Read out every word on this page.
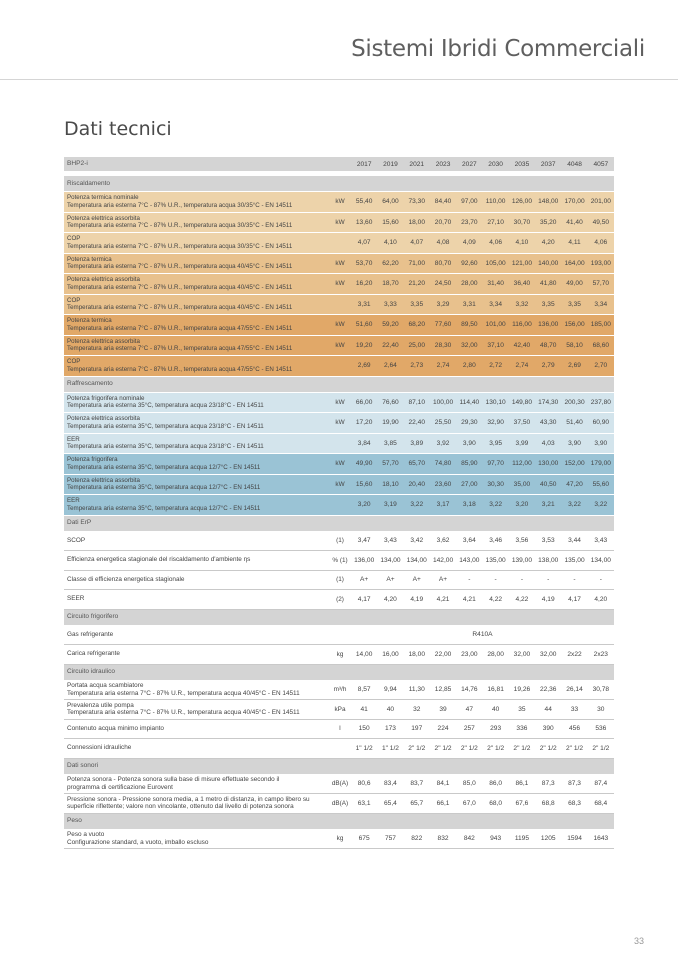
Sistemi Ibridi Commerciali
Dati tecnici
BHP2-i	2017	2019	2021	2023	2027	2030	2035	2037	4048	4057
Riscaldamento
Potenza termica nominale
Temperatura aria esterna 7°C - 87% U.R., temperatura acqua 30/35°C - EN 14511	kW	55,40	64,00	73,30	84,40	97,00	110,00 126,00 148,00 170,00 201,00
Potenza elettrica assorbita
Temperatura aria esterna 7°C - 87% U.R., temperatura acqua 30/35°C - EN 14511	kW	13,60	15,60	18,00	20,70	23,70	27,10	30,70	35,20	41,40	49,50
COP
Temperatura aria esterna 7°C - 87% U.R., temperatura acqua 30/35°C - EN 14511	4,07	4,10	4,07	4,08	4,09	4,06	4,10	4,20	4,11	4,06
Potenza termica
Temperatura aria esterna 7°C - 87% U.R., temperatura acqua 40/45°C - EN 14511	kW	53,70	62,20	71,00	80,70	92,60	105,00 121,00 140,00 164,00 193,00
Potenza elettrica assorbita
Temperatura aria esterna 7°C - 87% U.R., temperatura acqua 40/45°C - EN 14511	kW	16,20	18,70	21,20	24,50	28,00	31,40	36,40	41,80	49,00	57,70
COP
Temperatura aria esterna 7°C - 87% U.R., temperatura acqua 40/45°C - EN 14511	3,31	3,33	3,35	3,29	3,31	3,34	3,32	3,35	3,35	3,34
Potenza termica
Temperatura aria esterna 7°C - 87% U.R., temperatura acqua 47/55°C - EN 14511	kW	51,60	59,20	68,20	77,60	89,50	101,00 116,00 136,00 156,00 185,00
Potenza elettrica assorbita
Temperatura aria esterna 7°C - 87% U.R., temperatura acqua 47/55°C - EN 14511	kW	19,20	22,40	25,00	28,30	32,00	37,10	42,40	48,70	58,10	68,60
COP
Temperatura aria esterna 7°C - 87% U.R., temperatura acqua 47/55°C - EN 14511	2,69	2,64	2,73	2,74	2,80	2,72	2,74	2,79	2,69	2,70
Raffrescamento
Potenza frigorifera nominale
Temperatura aria esterna 35°C, temperatura acqua 23/18°C - EN 14511	kW	66,00	76,60	87,10	100,00 114,40 130,10 149,80 174,30 200,30 237,80
Potenza elettrica assorbita
Temperatura aria esterna 35°C, temperatura acqua 23/18°C - EN 14511	kW	17,20	19,90	22,40	25,50	29,30	32,90	37,50	43,30	51,40	60,90
EER
Temperatura aria esterna 35°C, temperatura acqua 23/18°C - EN 14511	3,84	3,85	3,89	3,92	3,90	3,95	3,99	4,03	3,90	3,90
Potenza frigorifera
Temperatura aria esterna 35°C, temperatura acqua 12/7°C - EN 14511	kW	49,90	57,70	65,70	74,80	85,90	97,70	112,00 130,00 152,00 179,00
Potenza elettrica assorbita
Temperatura aria esterna 35°C, temperatura acqua 12/7°C - EN 14511	kW	15,60	18,10	20,40	23,60	27,00	30,30	35,00	40,50	47,20	55,60
EER
Temperatura aria esterna 35°C, temperatura acqua 12/7°C - EN 14511	3,20	3,19	3,22	3,17	3,18	3,22	3,20	3,21	3,22	3,22
Dati ErP
SCOP	(1)	3,47	3,43	3,42	3,62	3,64	3,46	3,56	3,53	3,44	3,43
Efficienza energetica stagionale del riscaldamento d'ambiente ηs	% (1) 136,00 134,00 134,00 142,00 143,00 135,00 139,00 138,00 135,00 134,00
Classe di efficienza energetica stagionale	(1)	A+	A+	A+	A+	-	-	-	-	-	-
SEER	(2)	4,17	4,20	4,19	4,21	4,21	4,22	4,22	4,19	4,17	4,20
Circuito frigorifero
Gas refrigerante	R410A
Carica refrigerante	kg	14,00	16,00	18,00	22,00	23,00	28,00	32,00	32,00	2x22	2x23
Circuito idraulico
Portata acqua scambiatore
Temperatura aria esterna 7°C - 87% U.R., temperatura acqua 40/45°C - EN 14511	m³/h	8,57	9,94	11,30	12,85	14,76	16,81	19,26	22,36	26,14	30,78
Prevalenza utile pompa
Temperatura aria esterna 7°C - 87% U.R., temperatura acqua 40/45°C - EN 14511	kPa	41	40	32	39	47	40	35	44	33	30
Contenuto acqua minimo impianto	l	150	173	197	224	257	293	336	390	456	536
Connessioni idrauliche	1" 1/2	1" 1/2	2" 1/2	2" 1/2	2" 1/2	2" 1/2	2" 1/2	2" 1/2	2" 1/2	2" 1/2
Dati sonori
Potenza sonora - Potenza sonora sulla base di misure effettuate secondo il
programma di certificazione Eurovent	dB(A)	80,6	83,4	83,7	84,1	85,0	86,0	86,1	87,3	87,3	87,4
Pressione sonora - Pressione sonora media, a 1 metro di distanza, in campo libero su
superficie riflettente; valore non vincolante, ottenuto dal livello di potenza sonora	dB(A)	63,1	65,4	65,7	66,1	67,0	68,0	67,6	68,8	68,3	68,4
Peso
Peso a vuoto
Configurazione standard, a vuoto, imballo escluso	kg	675	757	822	832	842	943	1195	1205	1594	1643
33
